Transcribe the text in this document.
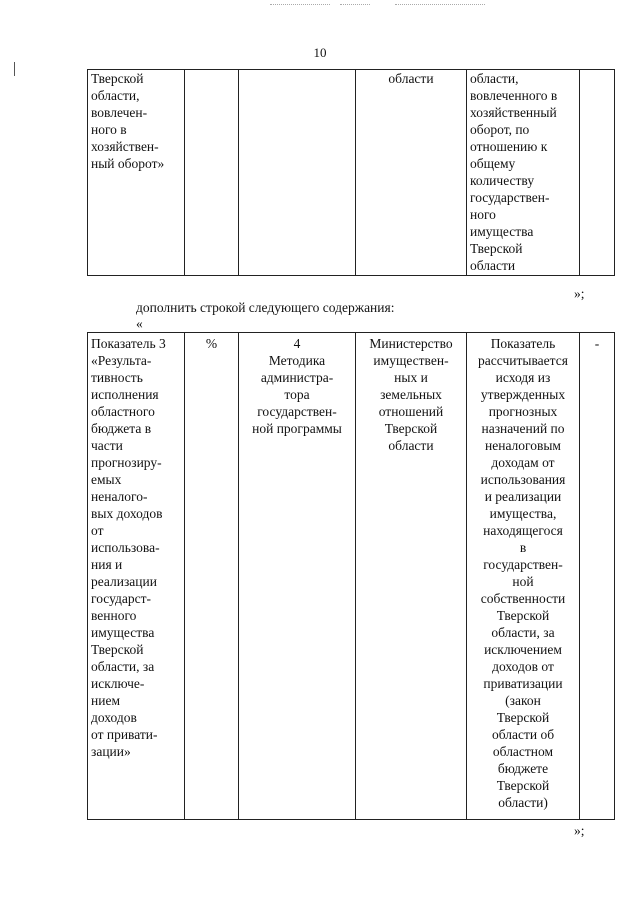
10
Тверской
области,
вовлечен-
ного в
хозяйствен-
ный оборот»			области	области,
вовлеченного в
хозяйственный
оборот, по
отношению к
общему
количеству
государствен-
ного
имущества
Тверской
области	
»;
дополнить строкой следующего содержания:
«
Показатель 3
«Результа-
тивность
исполнения
областного
бюджета в
части
прогнозиру-
емых
неналого-
вых доходов
от
использова-
ния и
реализации
государст-
венного
имущества
Тверской
области, за
исключе-
нием
доходов
от привати-
зации»	%	4
Методика
администра-
тора
государствен-
ной программы	Министерство
имуществен-
ных и
земельных
отношений
Тверской
области	Показатель
рассчитывается
исходя из
утвержденных
прогнозных
назначений по
неналоговым
доходам от
использования
и реализации
имущества,
находящегося
в
государствен-
ной
собственности
Тверской
области, за
исключением
доходов от
приватизации
(закон
Тверской
области об
областном
бюджете
Тверской
области)	-
»;
